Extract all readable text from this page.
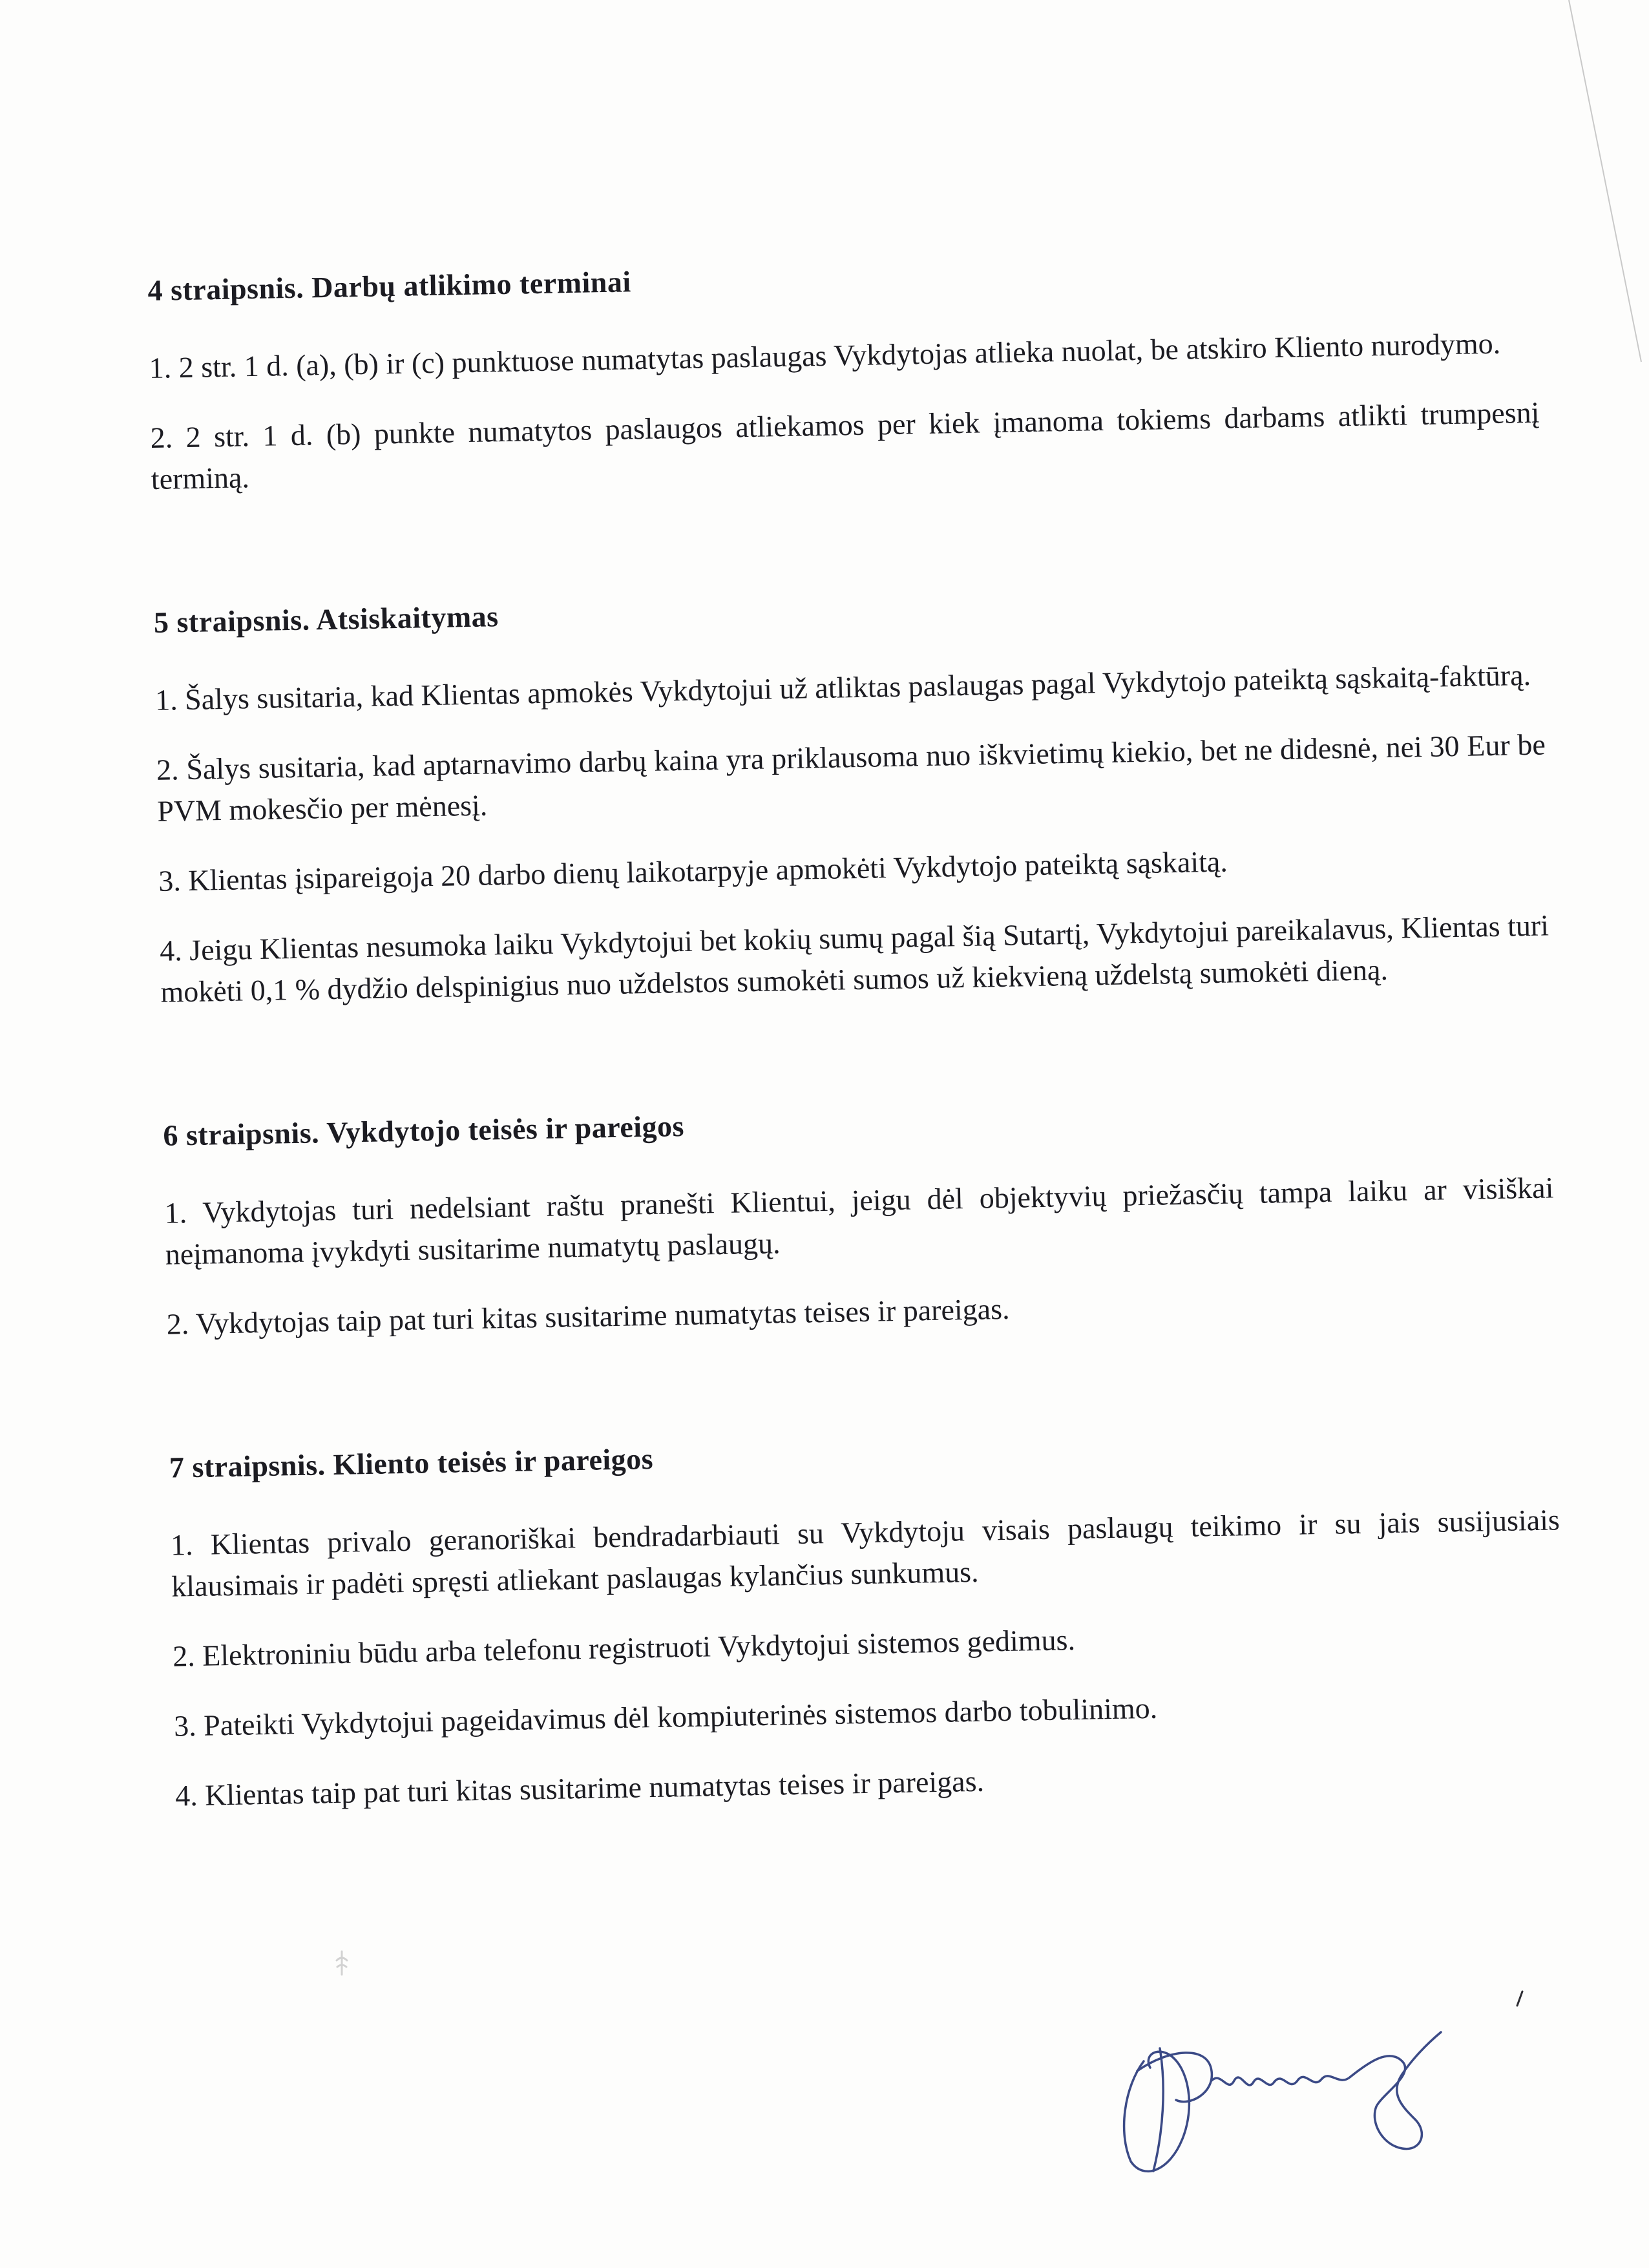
4 straipsnis. Darbų atlikimo terminai

1. 2 str. 1 d. (a), (b) ir (c) punktuose numatytas paslaugas Vykdytojas atlieka nuolat, be atskiro Kliento nurodymo.

2. 2 str. 1 d. (b) punkte numatytos paslaugos atliekamos per kiek įmanoma tokiems darbams atlikti trumpesnį terminą.

5 straipsnis. Atsiskaitymas

1. Šalys susitaria, kad Klientas apmokės Vykdytojui už atliktas paslaugas pagal Vykdytojo pateiktą sąskaitą-faktūrą.

2. Šalys susitaria, kad aptarnavimo darbų kaina yra priklausoma nuo iškvietimų kiekio, bet ne didesnė, nei 30 Eur be PVM mokesčio per mėnesį.

3. Klientas įsipareigoja 20 darbo dienų laikotarpyje apmokėti Vykdytojo pateiktą sąskaitą.

4. Jeigu Klientas nesumoka laiku Vykdytojui bet kokių sumų pagal šią Sutartį, Vykdytojui pareikalavus, Klientas turi mokėti 0,1 % dydžio delspinigius nuo uždelstos sumokėti sumos už kiekvieną uždelstą sumokėti dieną.

6 straipsnis. Vykdytojo teisės ir pareigos

1. Vykdytojas turi nedelsiant raštu pranešti Klientui, jeigu dėl objektyvių priežasčių tampa laiku ar visiškai neįmanoma įvykdyti susitarime numatytų paslaugų.

2. Vykdytojas taip pat turi kitas susitarime numatytas teises ir pareigas.

7 straipsnis. Kliento teisės ir pareigos

1. Klientas privalo geranoriškai bendradarbiauti su Vykdytoju visais paslaugų teikimo ir su jais susijusiais klausimais ir padėti spręsti atliekant paslaugas kylančius sunkumus.

2. Elektroniniu būdu arba telefonu registruoti Vykdytojui sistemos gedimus.

3. Pateikti Vykdytojui pageidavimus dėl kompiuterinės sistemos darbo tobulinimo.

4. Klientas taip pat turi kitas susitarime numatytas teises ir pareigas.
